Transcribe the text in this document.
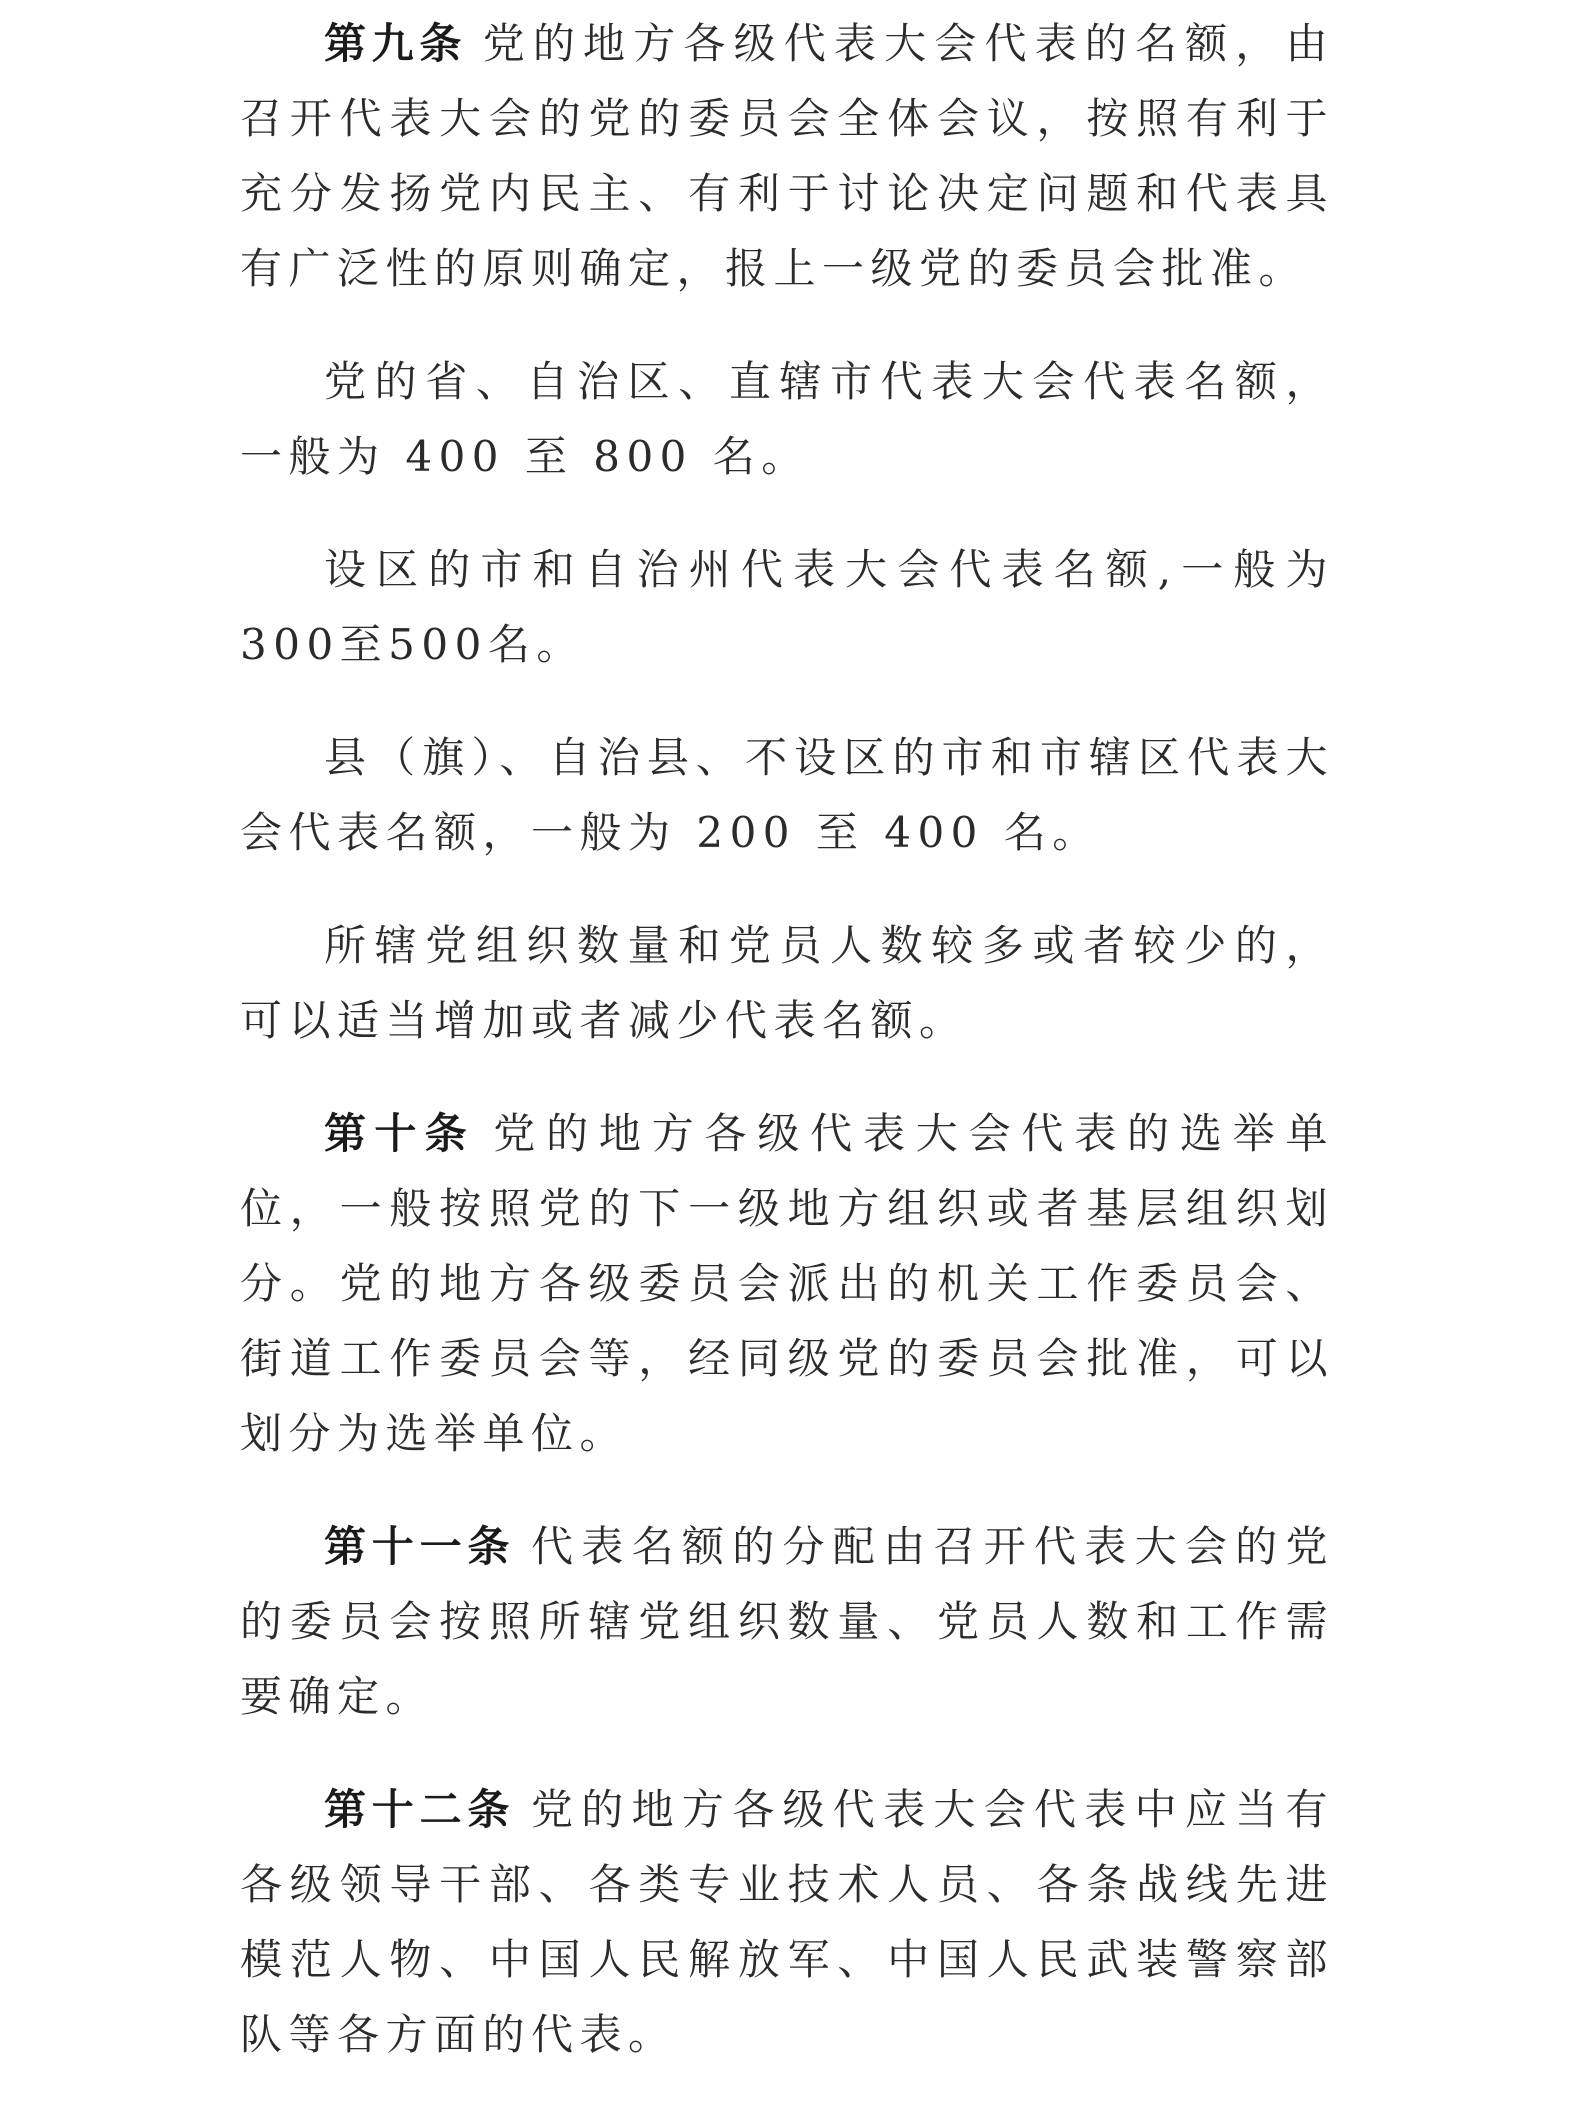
第九条 党的地方各级代表大会代表的名额，由召开代表大会的党的委员会全体会议，按照有利于充分发扬党内民主、有利于讨论决定问题和代表具有广泛性的原则确定，报上一级党的委员会批准。

党的省、自治区、直辖市代表大会代表名额，一般为 400 至 800 名。

设区的市和自治州代表大会代表名额,一般为300至500名。

县（旗）、自治县、不设区的市和市辖区代表大会代表名额，一般为 200 至 400 名。

所辖党组织数量和党员人数较多或者较少的，可以适当增加或者减少代表名额。

第十条 党的地方各级代表大会代表的选举单位，一般按照党的下一级地方组织或者基层组织划分。党的地方各级委员会派出的机关工作委员会、街道工作委员会等，经同级党的委员会批准，可以划分为选举单位。

第十一条 代表名额的分配由召开代表大会的党的委员会按照所辖党组织数量、党员人数和工作需要确定。

第十二条 党的地方各级代表大会代表中应当有各级领导干部、各类专业技术人员、各条战线先进模范人物、中国人民解放军、中国人民武装警察部队等各方面的代表。
